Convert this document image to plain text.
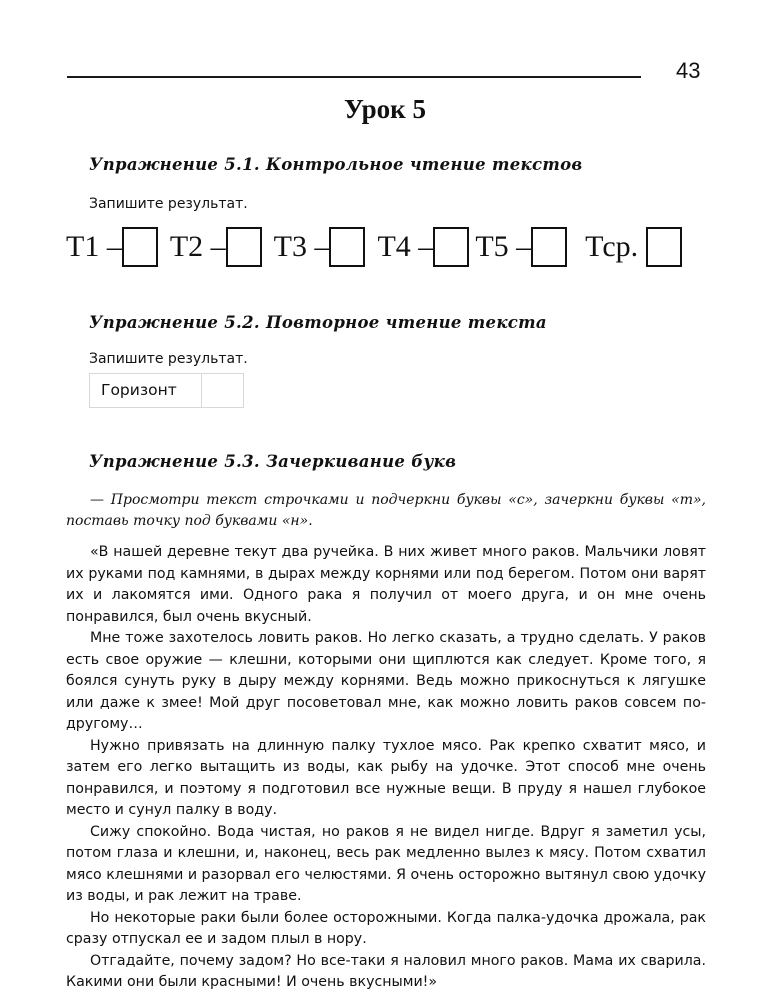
43
Урок 5
Упражнение 5.1. Контрольное чтение текстов
Запишите результат.
Т1 – Т2 – Т3 – Т4 – Т5 – Тср.
Упражнение 5.2. Повторное чтение текста
Запишите результат.
Горизонт
Упражнение 5.3. Зачеркивание букв
— Просмотри текст строчками и подчеркни буквы «с», зачеркни буквы «т», поставь точку под буквами «н».

«В нашей деревне текут два ручейка. В них живет много раков. Мальчики ловят их руками под камнями, в дырах между корнями или под берегом. Потом они варят их и лакомятся ими. Одного рака я получил от моего друга, и он мне очень понравился, был очень вкусный.

Мне тоже захотелось ловить раков. Но легко сказать, а трудно сделать. У раков есть свое оружие — клешни, которыми они щиплются как следует. Кроме того, я боялся сунуть руку в дыру между корнями. Ведь можно прикоснуться к лягушке или даже к змее! Мой друг посоветовал мне, как можно ловить раков совсем по-другому…

Нужно привязать на длинную палку тухлое мясо. Рак крепко схватит мясо, и затем его легко вытащить из воды, как рыбу на удочке. Этот способ мне очень понравился, и поэтому я подготовил все нужные вещи. В пруду я нашел глубокое место и сунул палку в воду.

Сижу спокойно. Вода чистая, но раков я не видел нигде. Вдруг я заметил усы, потом глаза и клешни, и, наконец, весь рак медленно вылез к мясу. Потом схватил мясо клешнями и разорвал его челюстями. Я очень осторожно вытянул свою удочку из воды, и рак лежит на траве.

Но некоторые раки были более осторожными. Когда палка-удочка дрожала, рак сразу отпускал ее и задом плыл в нору.

Отгадайте, почему задом? Но все-таки я наловил много раков. Мама их сварила. Какими они были красными! И очень вкусными!»
